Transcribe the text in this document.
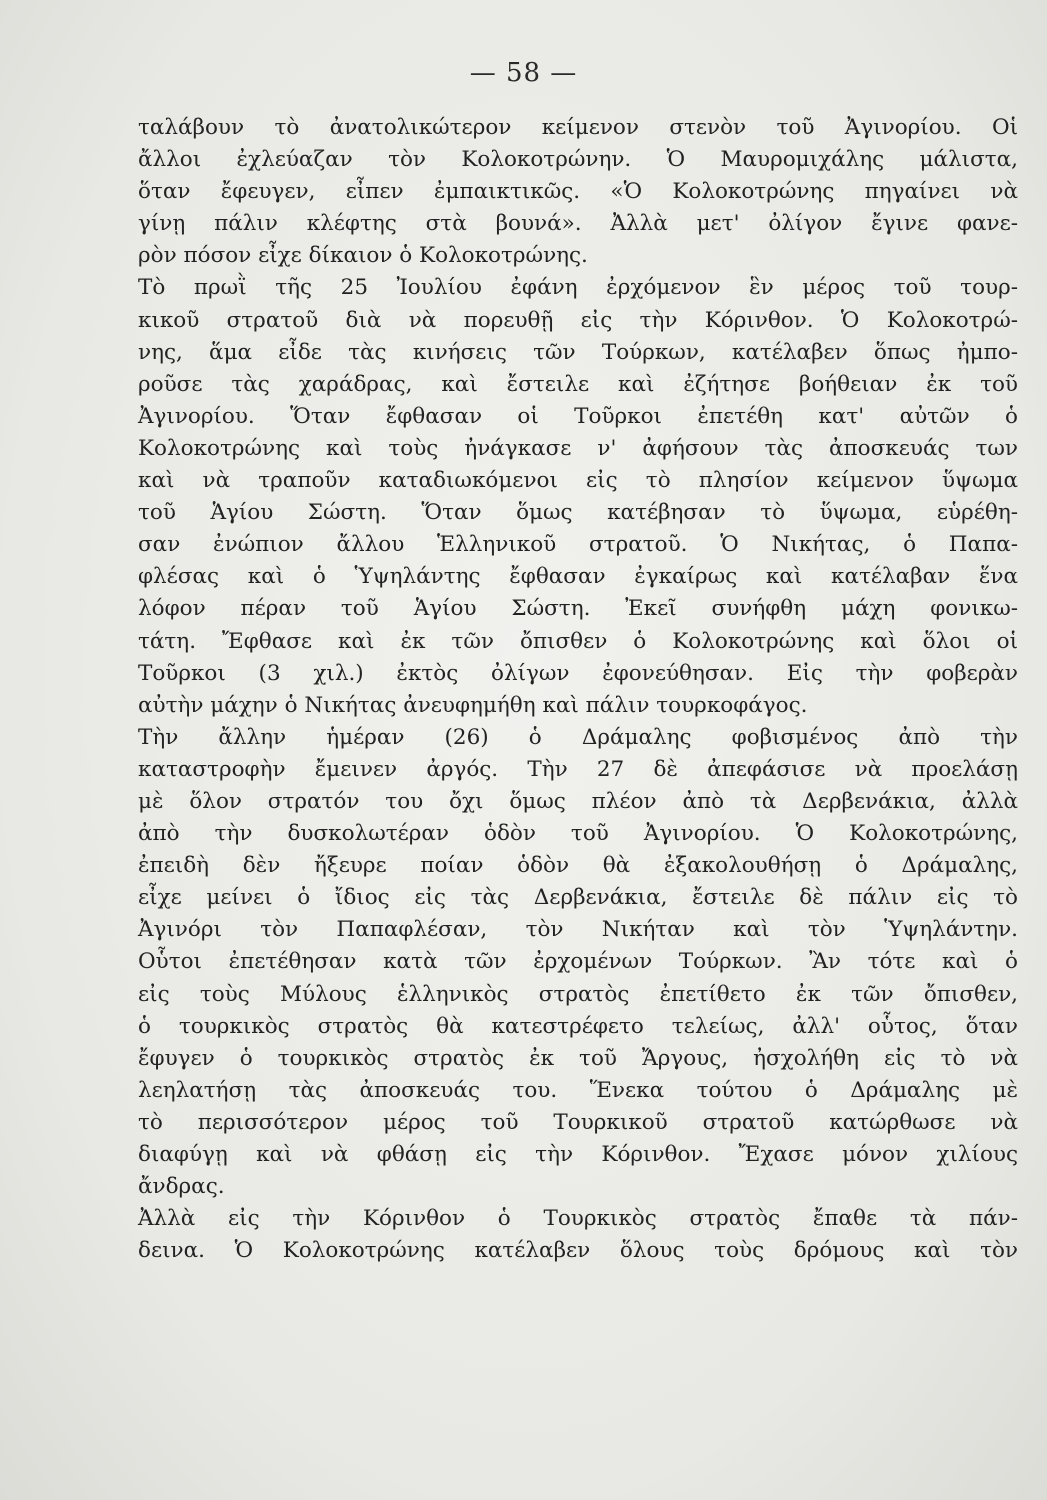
— 58 —
ταλάβουν τὸ ἀνατολικώτερον κείμενον στενὸν τοῦ Ἀγινορίου. Οἱ
ἄλλοι ἐχλεύαζαν τὸν Κολοκοτρώνην. Ὁ Μαυρομιχάλης μάλιστα,
ὅταν ἔφευγεν, εἶπεν ἐμπαικτικῶς. «Ὁ Κολοκοτρώνης πηγαίνει νὰ
γίνῃ πάλιν κλέφτης στὰ βουνά». Ἀλλὰ μετ' ὀλίγον ἔγινε φανε-
ρὸν πόσον εἶχε δίκαιον ὁ Κολοκοτρώνης.
Τὸ πρωῒ τῆς 25 Ἰουλίου ἐφάνη ἐρχόμενον ἓν μέρος τοῦ τουρ-
κικοῦ στρατοῦ διὰ νὰ πορευθῇ εἰς τὴν Κόρινθον. Ὁ Κολοκοτρώ-
νης, ἅμα εἶδε τὰς κινήσεις τῶν Τούρκων, κατέλαβεν ὅπως ἠμπο-
ροῦσε τὰς χαράδρας, καὶ ἔστειλε καὶ ἐζήτησε βοήθειαν ἐκ τοῦ
Ἀγινορίου. Ὅταν ἔφθασαν οἱ Τοῦρκοι ἐπετέθη κατ' αὐτῶν ὁ
Κολοκοτρώνης καὶ τοὺς ἠνάγκασε ν' ἀφήσουν τὰς ἀποσκευάς των
καὶ νὰ τραποῦν καταδιωκόμενοι εἰς τὸ πλησίον κείμενον ὕψωμα
τοῦ Ἁγίου Σώστη. Ὅταν ὅμως κατέβησαν τὸ ὕψωμα, εὑρέθη-
σαν ἐνώπιον ἄλλου Ἑλληνικοῦ στρατοῦ. Ὁ Νικήτας, ὁ Παπα-
φλέσας καὶ ὁ Ὑψηλάντης ἔφθασαν ἐγκαίρως καὶ κατέλαβαν ἕνα
λόφον πέραν τοῦ Ἁγίου Σώστη. Ἐκεῖ συνήφθη μάχη φονικω-
τάτη. Ἔφθασε καὶ ἐκ τῶν ὄπισθεν ὁ Κολοκοτρώνης καὶ ὅλοι οἱ
Τοῦρκοι (3 χιλ.) ἐκτὸς ὀλίγων ἐφονεύθησαν. Εἰς τὴν φοβερὰν
αὐτὴν μάχην ὁ Νικήτας ἀνευφημήθη καὶ πάλιν τουρκοφάγος.
Τὴν ἄλλην ἡμέραν (26) ὁ Δράμαλης φοβισμένος ἀπὸ τὴν
καταστροφὴν ἔμεινεν ἀργός. Τὴν 27 δὲ ἀπεφάσισε νὰ προελάσῃ
μὲ ὅλον στρατόν του ὄχι ὅμως πλέον ἀπὸ τὰ Δερβενάκια, ἀλλὰ
ἀπὸ τὴν δυσκολωτέραν ὁδὸν τοῦ Ἀγινορίου. Ὁ Κολοκοτρώνης,
ἐπειδὴ δὲν ἤξευρε ποίαν ὁδὸν θὰ ἐξακολουθήσῃ ὁ Δράμαλης,
εἶχε μείνει ὁ ἴδιος εἰς τὰς Δερβενάκια, ἔστειλε δὲ πάλιν εἰς τὸ
Ἀγινόρι τὸν Παπαφλέσαν, τὸν Νικήταν καὶ τὸν Ὑψηλάντην.
Οὗτοι ἐπετέθησαν κατὰ τῶν ἐρχομένων Τούρκων. Ἂν τότε καὶ ὁ
εἰς τοὺς Μύλους ἑλληνικὸς στρατὸς ἐπετίθετο ἐκ τῶν ὄπισθεν,
ὁ τουρκικὸς στρατὸς θὰ κατεστρέφετο τελείως, ἀλλ' οὗτος, ὅταν
ἔφυγεν ὁ τουρκικὸς στρατὸς ἐκ τοῦ Ἄργους, ἠσχολήθη εἰς τὸ νὰ
λεηλατήσῃ τὰς ἀποσκευάς του. Ἕνεκα τούτου ὁ Δράμαλης μὲ
τὸ περισσότερον μέρος τοῦ Τουρκικοῦ στρατοῦ κατώρθωσε νὰ
διαφύγῃ καὶ νὰ φθάσῃ εἰς τὴν Κόρινθον. Ἔχασε μόνον χιλίους
ἄνδρας.
Ἀλλὰ εἰς τὴν Κόρινθον ὁ Τουρκικὸς στρατὸς ἔπαθε τὰ πάν-
δεινα. Ὁ Κολοκοτρώνης κατέλαβεν ὅλους τοὺς δρόμους καὶ τὸν
